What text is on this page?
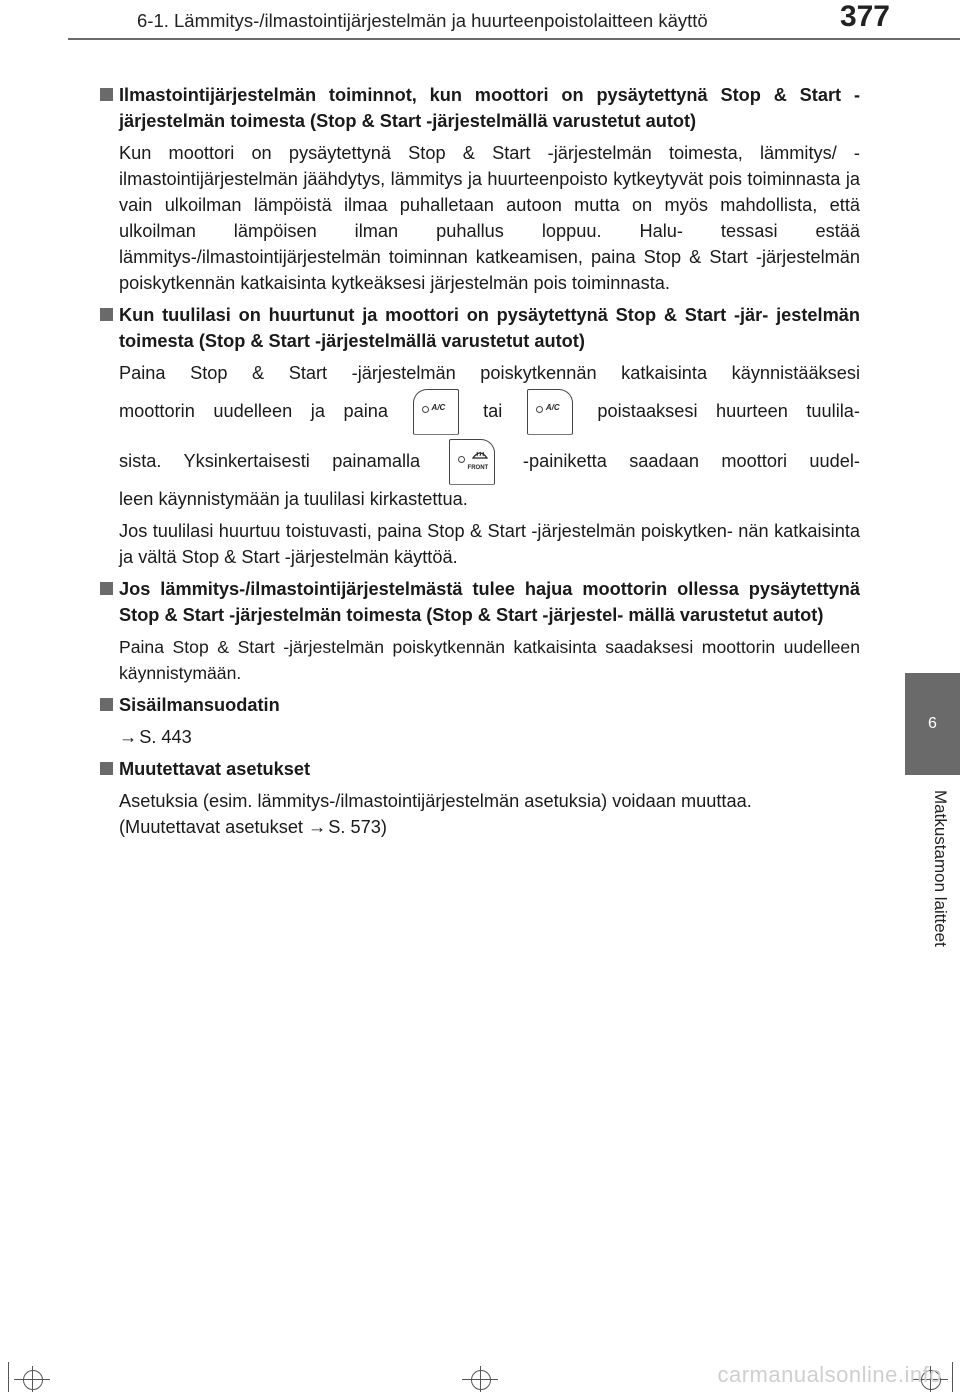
6-1. Lämmitys-/ilmastointijärjestelmän ja huurteenpoistolaitteen käyttö	377
6
Matkustamon laitteet
Ilmastointijärjestelmän toiminnot, kun moottori on pysäytettynä Stop & Start -järjestelmän toimesta (Stop & Start -järjestelmällä varustetut autot)
Kun moottori on pysäytettynä Stop & Start -järjestelmän toimesta, lämmitys/ -ilmastointijärjestelmän jäähdytys, lämmitys ja huurteenpoisto kytkeytyvät pois toiminnasta ja vain ulkoilman lämpöistä ilmaa puhalletaan autoon mutta on myös mahdollista, että ulkoilman lämpöisen ilman puhallus loppuu. Halu- tessasi estää lämmitys-/ilmastointijärjestelmän toiminnan katkeamisen, paina Stop & Start -järjestelmän poiskytkennän katkaisinta kytkeäksesi järjestelmän pois toiminnasta.
Kun tuulilasi on huurtunut ja moottori on pysäytettynä Stop & Start -jär- jestelmän toimesta (Stop & Start -järjestelmällä varustetut autot)
Paina Stop & Start -järjestelmän poiskytkennän katkaisinta käynnistääksesi
moottorin uudelleen ja paina	A/C tai	A/C poistaaksesi huurteen tuulila-
sista. Yksinkertaisesti painamalla	FRONT -painiketta saadaan moottori uudel-
leen käynnistymään ja tuulilasi kirkastettua.
Jos tuulilasi huurtuu toistuvasti, paina Stop & Start -järjestelmän poiskytken- nän katkaisinta ja vältä Stop & Start -järjestelmän käyttöä.
Jos lämmitys-/ilmastointijärjestelmästä tulee hajua moottorin ollessa pysäytettynä Stop & Start -järjestelmän toimesta (Stop & Start -järjestel- mällä varustetut autot)
Paina Stop & Start -järjestelmän poiskytkennän katkaisinta saadaksesi moottorin uudelleen käynnistymään.
Sisäilmansuodatin
→ S. 443
Muutettavat asetukset
Asetuksia (esim. lämmitys-/ilmastointijärjestelmän asetuksia) voidaan muuttaa.
(Muutettavat asetukset → S. 573)
carmanualsonline.info
